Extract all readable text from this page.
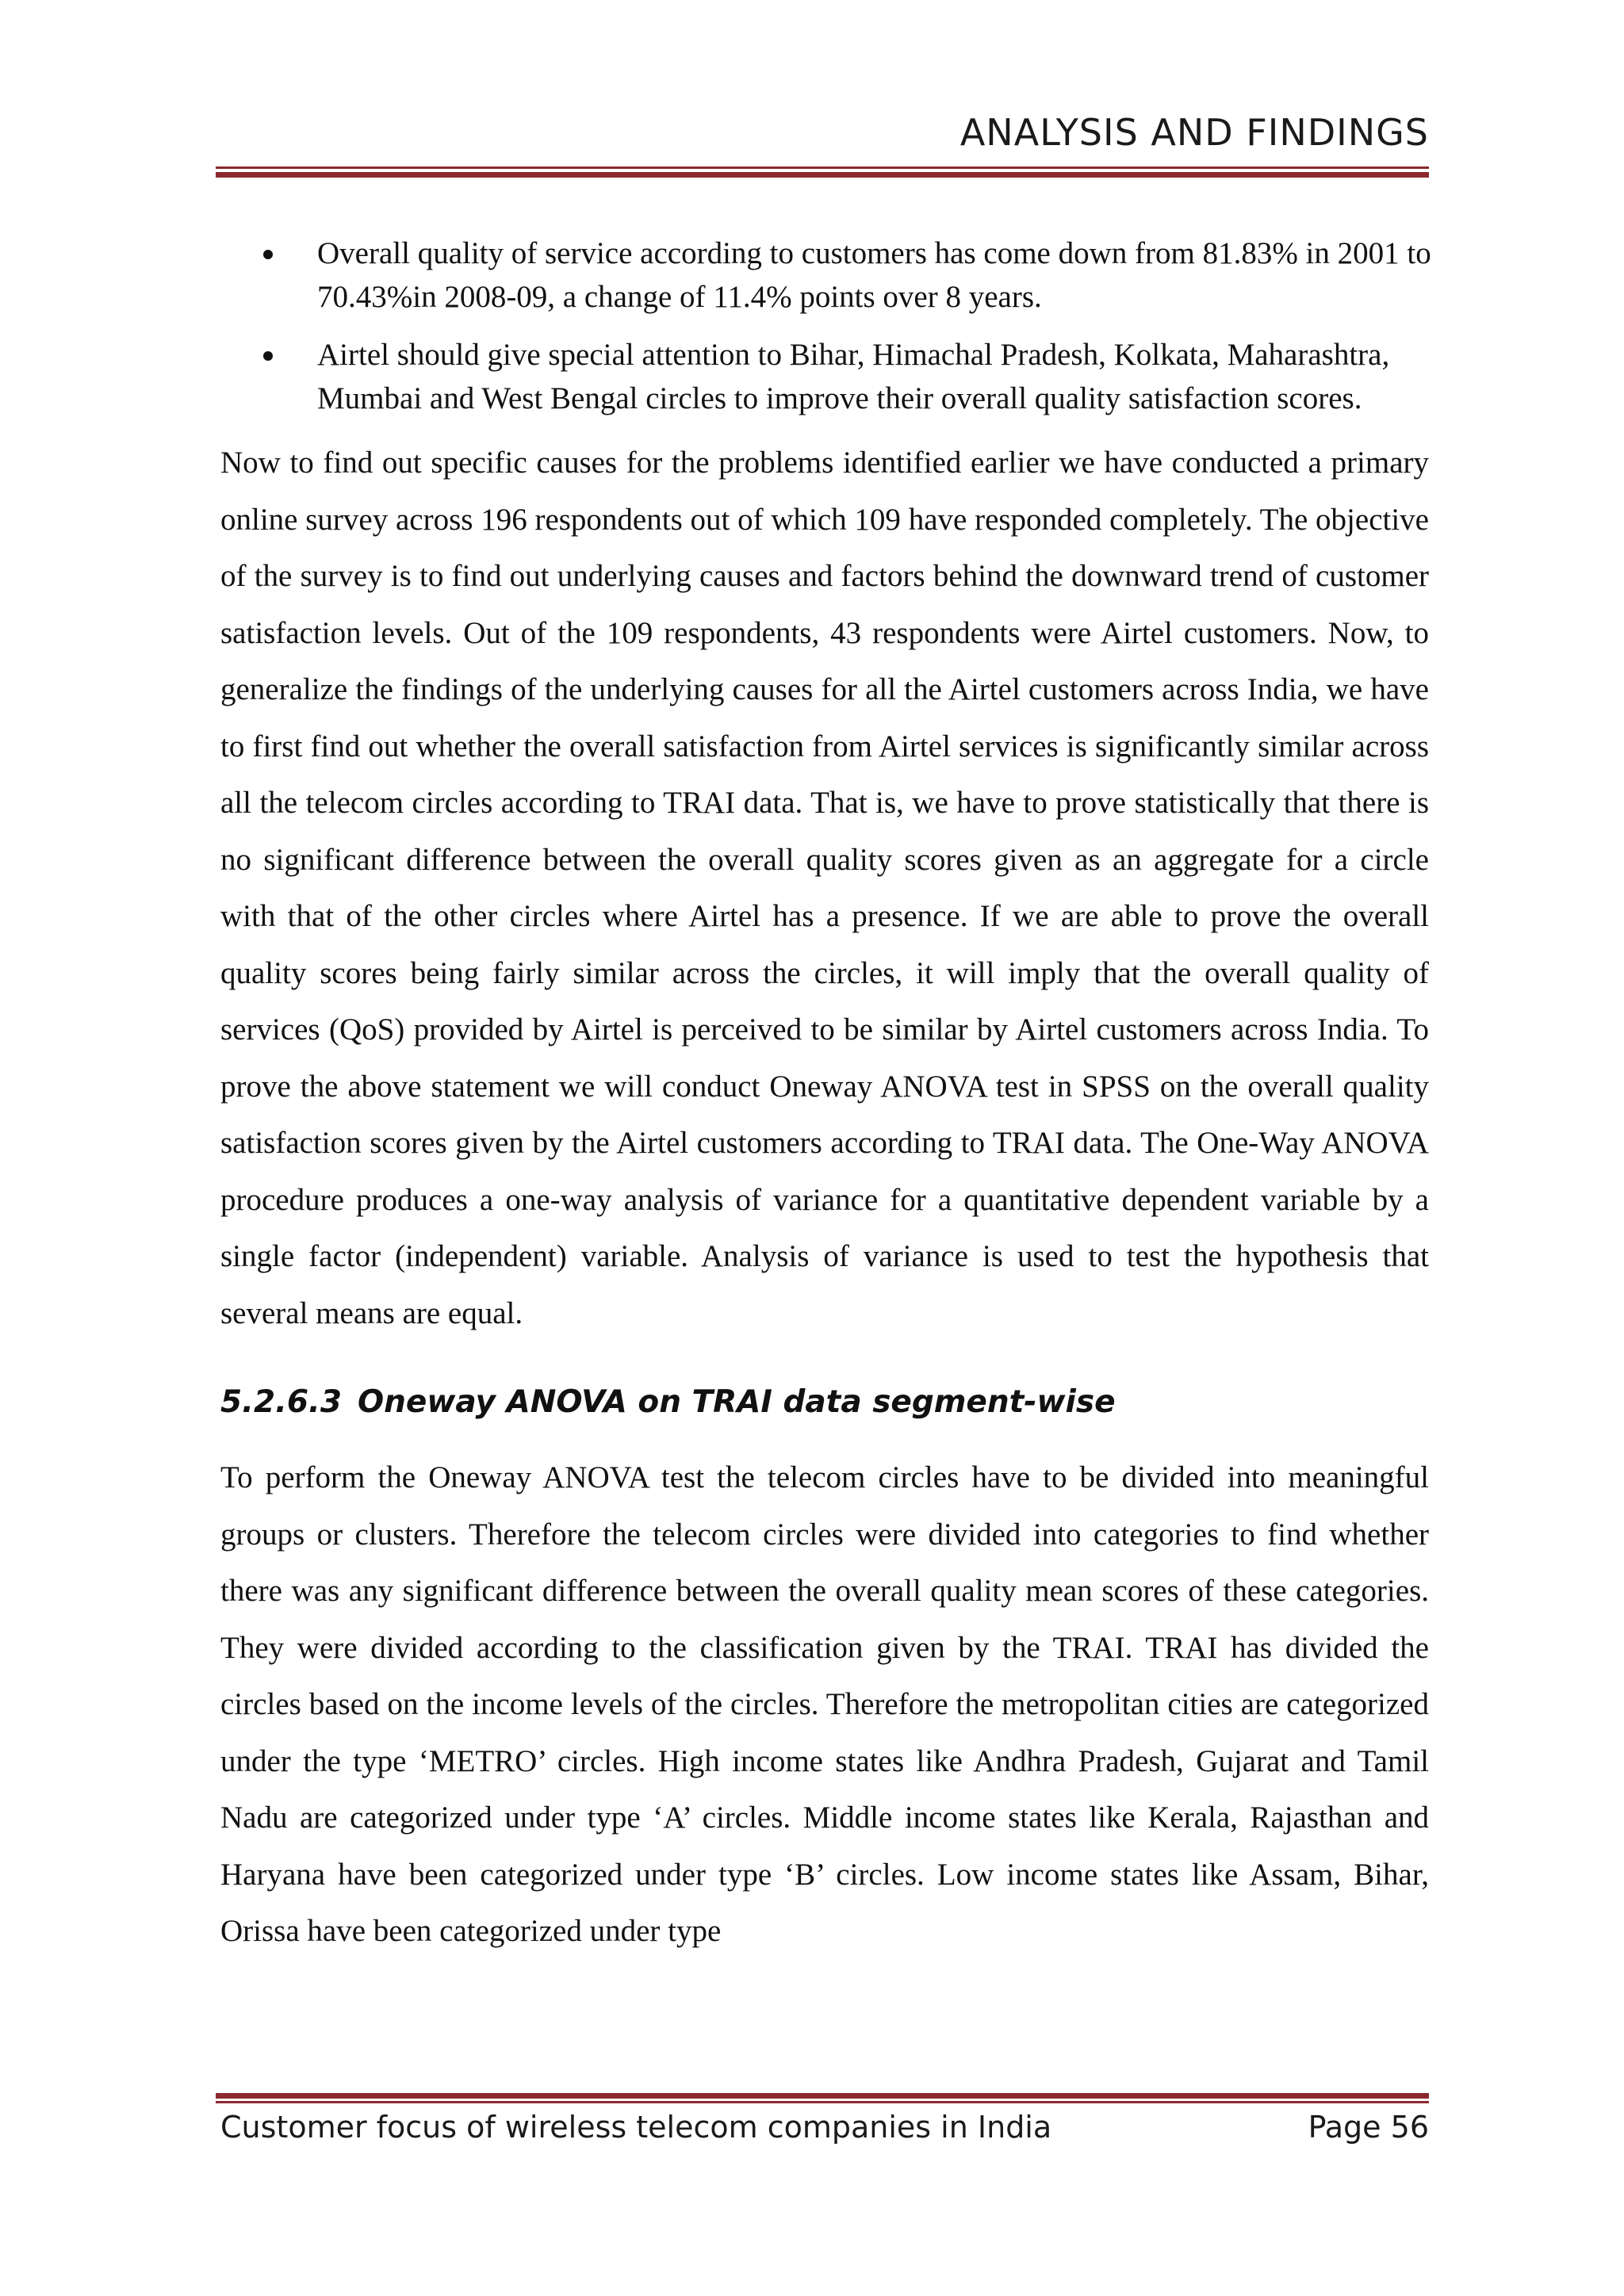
ANALYSIS AND FINDINGS
Overall quality of service according to customers has come down from 81.83% in 2001 to 70.43%in 2008-09, a change of 11.4% points over 8 years.
Airtel should give special attention to Bihar, Himachal Pradesh, Kolkata, Maharashtra, Mumbai and West Bengal circles to improve their overall quality satisfaction scores.

Now to find out specific causes for the problems identified earlier we have conducted a primary online survey across 196 respondents out of which 109 have responded completely. The objective of the survey is to find out underlying causes and factors behind the downward trend of customer satisfaction levels. Out of the 109 respondents, 43 respondents were Airtel customers. Now, to generalize the findings of the underlying causes for all the Airtel customers across India, we have to first find out whether the overall satisfaction from Airtel services is significantly similar across all the telecom circles according to TRAI data. That is, we have to prove statistically that there is no significant difference between the overall quality scores given as an aggregate for a circle with that of the other circles where Airtel has a presence. If we are able to prove the overall quality scores being fairly similar across the circles, it will imply that the overall quality of services (QoS) provided by Airtel is perceived to be similar by Airtel customers across India. To prove the above statement we will conduct Oneway ANOVA test in SPSS on the overall quality satisfaction scores given by the Airtel customers according to TRAI data. The One-Way ANOVA procedure produces a one-way analysis of variance for a quantitative dependent variable by a single factor (independent) variable. Analysis of variance is used to test the hypothesis that several means are equal.

5.2.6.3 Oneway ANOVA on TRAI data segment-wise

To perform the Oneway ANOVA test the telecom circles have to be divided into meaningful groups or clusters. Therefore the telecom circles were divided into categories to find whether there was any significant difference between the overall quality mean scores of these categories. They were divided according to the classification given by the TRAI. TRAI has divided the circles based on the income levels of the circles. Therefore the metropolitan cities are categorized under the type ‘METRO’ circles. High income states like Andhra Pradesh, Gujarat and Tamil Nadu are categorized under type ‘A’ circles. Middle income states like Kerala, Rajasthan and Haryana have been categorized under type ‘B’ circles. Low income states like Assam, Bihar, Orissa have been categorized under type

Customer focus of wireless telecom companies in India	Page 56
